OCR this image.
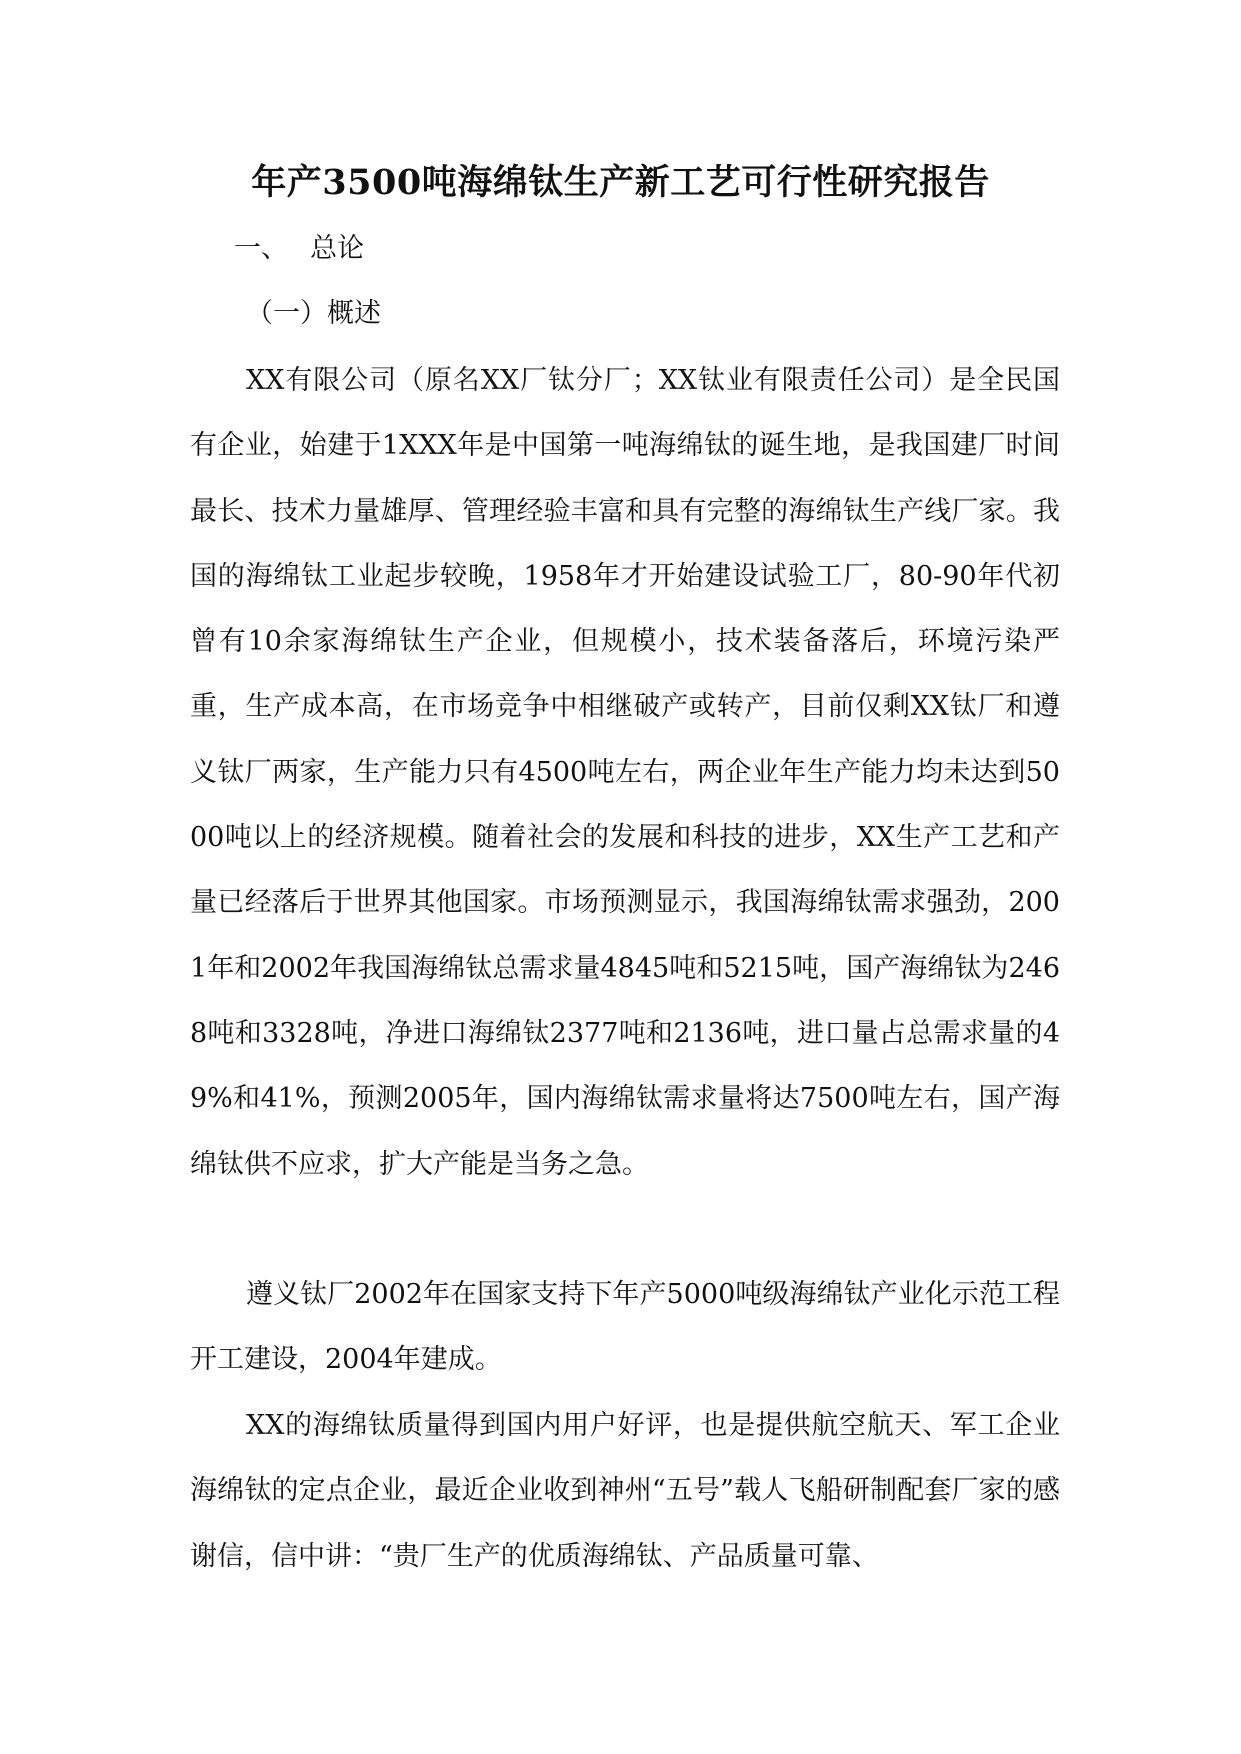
年产3500吨海绵钛生产新工艺可行性研究报告
一、 总论
（一）概述

XX有限公司（原名XX厂钛分厂；XX钛业有限责任公司）是全民国有企业，始建于1XXX年是中国第一吨海绵钛的诞生地，是我国建厂时间最长、技术力量雄厚、管理经验丰富和具有完整的海绵钛生产线厂家。我国的海绵钛工业起步较晚，1958年才开始建设试验工厂，80-90年代初曾有10余家海绵钛生产企业，但规模小，技术装备落后，环境污染严重，生产成本高，在市场竞争中相继破产或转产，目前仅剩XX钛厂和遵义钛厂两家，生产能力只有4500吨左右，两企业年生产能力均未达到5000吨以上的经济规模。随着社会的发展和科技的进步，XX生产工艺和产量已经落后于世界其他国家。市场预测显示，我国海绵钛需求强劲，2001年和2002年我国海绵钛总需求量4845吨和5215吨，国产海绵钛为2468吨和3328吨，净进口海绵钛2377吨和2136吨，进口量占总需求量的49%和41%，预测2005年，国内海绵钛需求量将达7500吨左右，国产海绵钛供不应求，扩大产能是当务之急。

遵义钛厂2002年在国家支持下年产5000吨级海绵钛产业化示范工程开工建设，2004年建成。

XX的海绵钛质量得到国内用户好评，也是提供航空航天、军工企业海绵钛的定点企业，最近企业收到神州“五号”载人飞船研制配套厂家的感谢信，信中讲：“贵厂生产的优质海绵钛、产品质量可靠、
